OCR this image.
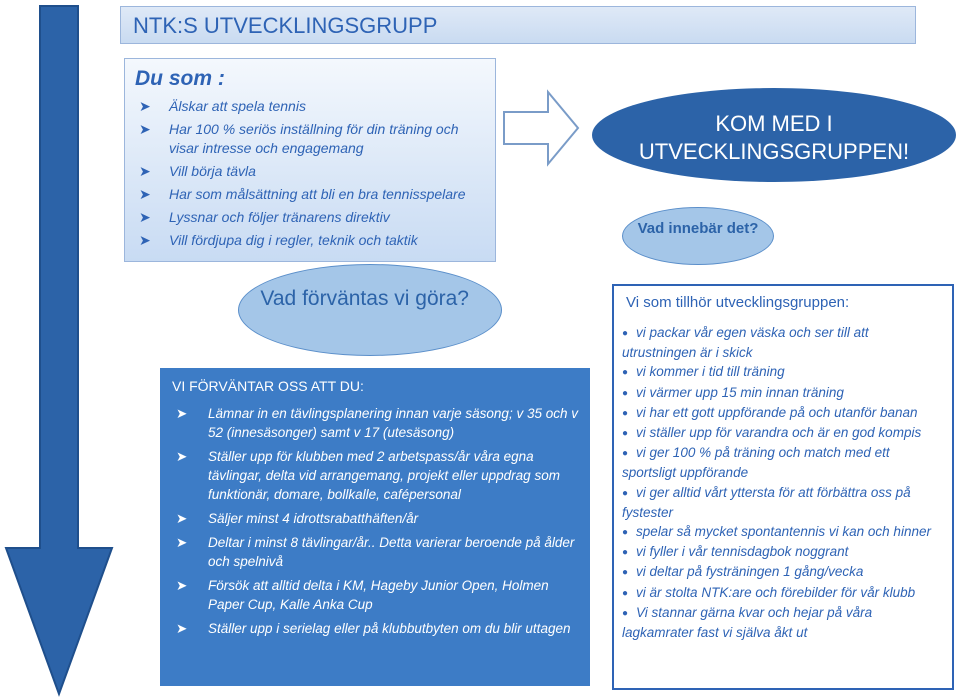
NTK:S UTVECKLINGSGRUPP
Du som :
➤ Älskar att spela tennis
➤ Har 100 % seriös inställning för din träning och visar intresse och engagemang
➤ Vill börja tävla
➤ Har som målsättning att bli en bra tennisspelare
➤ Lyssnar och följer tränarens direktiv
➤ Vill fördjupa dig i regler, teknik och taktik
KOM MED I UTVECKLINGSGRUPPEN!
Vad innebär det?
Vad förväntas vi göra?
VI FÖRVÄNTAR OSS ATT DU:
➤ Lämnar in en tävlingsplanering innan varje säsong; v 35 och v 52 (innesäsonger) samt v 17 (utesäsong)
➤ Ställer upp för klubben med 2 arbetspass/år våra egna tävlingar, delta vid arrangemang, projekt eller uppdrag som funktionär, domare, bollkalle, cafépersonal
➤ Säljer minst 4 idrottsrabatthäften/år
➤ Deltar i minst 8 tävlingar/år.. Detta varierar beroende på ålder och spelnivå
➤ Försök att alltid delta i KM, Hageby Junior Open, Holmen Paper Cup, Kalle Anka Cup
➤ Ställer upp i serielag eller på klubbutbyten om du blir uttagen
Vi som tillhör utvecklingsgruppen:
● vi packar vår egen väska och ser till att utrustningen är i skick
● vi kommer i tid till träning
● vi värmer upp 15 min innan träning
● vi har ett gott uppförande på och utanför banan
● vi ställer upp för varandra och är en god kompis
● vi ger 100 % på träning och match med ett sportsligt uppförande
● vi ger alltid vårt yttersta för att förbättra oss på fystester
● spelar så mycket spontantennis vi kan och hinner
● vi fyller i vår tennisdagbok noggrant
● vi deltar på fysträningen 1 gång/vecka
● vi är stolta NTK:are och förebilder för vår klubb
● Vi stannar gärna kvar och hejar på våra lagkamrater fast vi själva åkt ut
